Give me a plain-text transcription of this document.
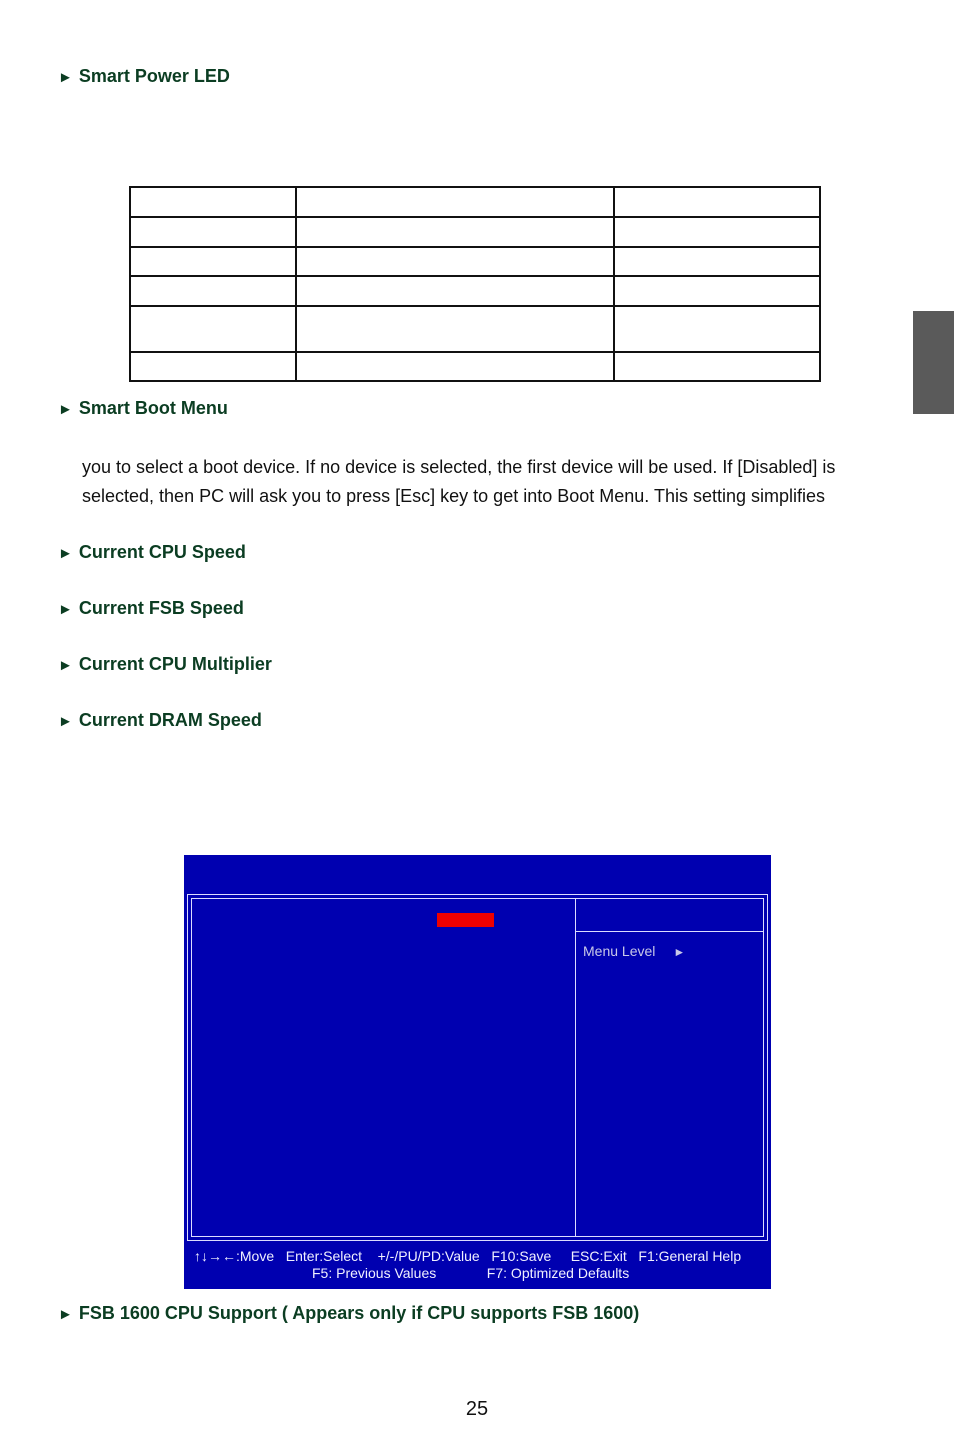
► Smart Power LED

► Smart Boot Menu
you to select a boot device. If no device is selected, the first device will be used. If [Disabled] is
selected, then PC will ask you to press [Esc] key to get into Boot Menu. This setting simplifies
► Current CPU Speed
► Current FSB Speed
► Current CPU Multiplier
► Current DRAM Speed
Menu Level ►
↑↓→←:Move   Enter:Select    +/-/PU/PD:Value   F10:Save     ESC:Exit   F1:General Help
F5: Previous Values             F7: Optimized Defaults
► FSB 1600 CPU Support ( Appears only if CPU supports FSB 1600)
25
